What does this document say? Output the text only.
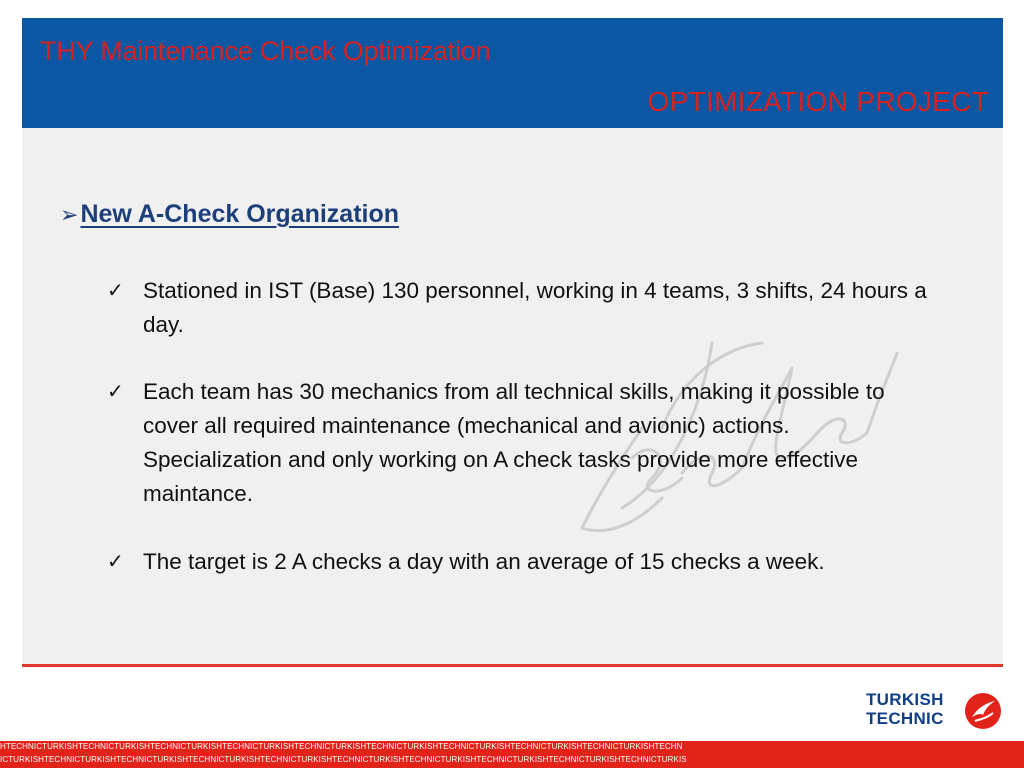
THY Maintenance Check Optimization
OPTIMIZATION PROJECT
➢ New A-Check Organization
✓ Stationed in IST (Base) 130 personnel, working in 4 teams, 3 shifts, 24 hours a day.
✓ Each team has 30 mechanics from all technical skills, making it possible to cover all required maintenance (mechanical and avionic) actions. Specialization and only working on A check tasks provide more effective maintance.
✓ The target is 2 A checks a day with an average of 15 checks a week.
TURKISH
TECHNIC
HTECHNICTURKISHTECHNICTURKISHTECHNICTURKISHTECHNICTURKISHTECHNICTURKISHTECHNICTURKISHTECHNICTURKISHTECHNICTURKISHTECHNICTURKISHTECHN
ICTURKISHTECHNICTURKISHTECHNICTURKISHTECHNICTURKISHTECHNICTURKISHTECHNICTURKISHTECHNICTURKISHTECHNICTURKISHTECHNICTURKISHTECHNICTURKIS
